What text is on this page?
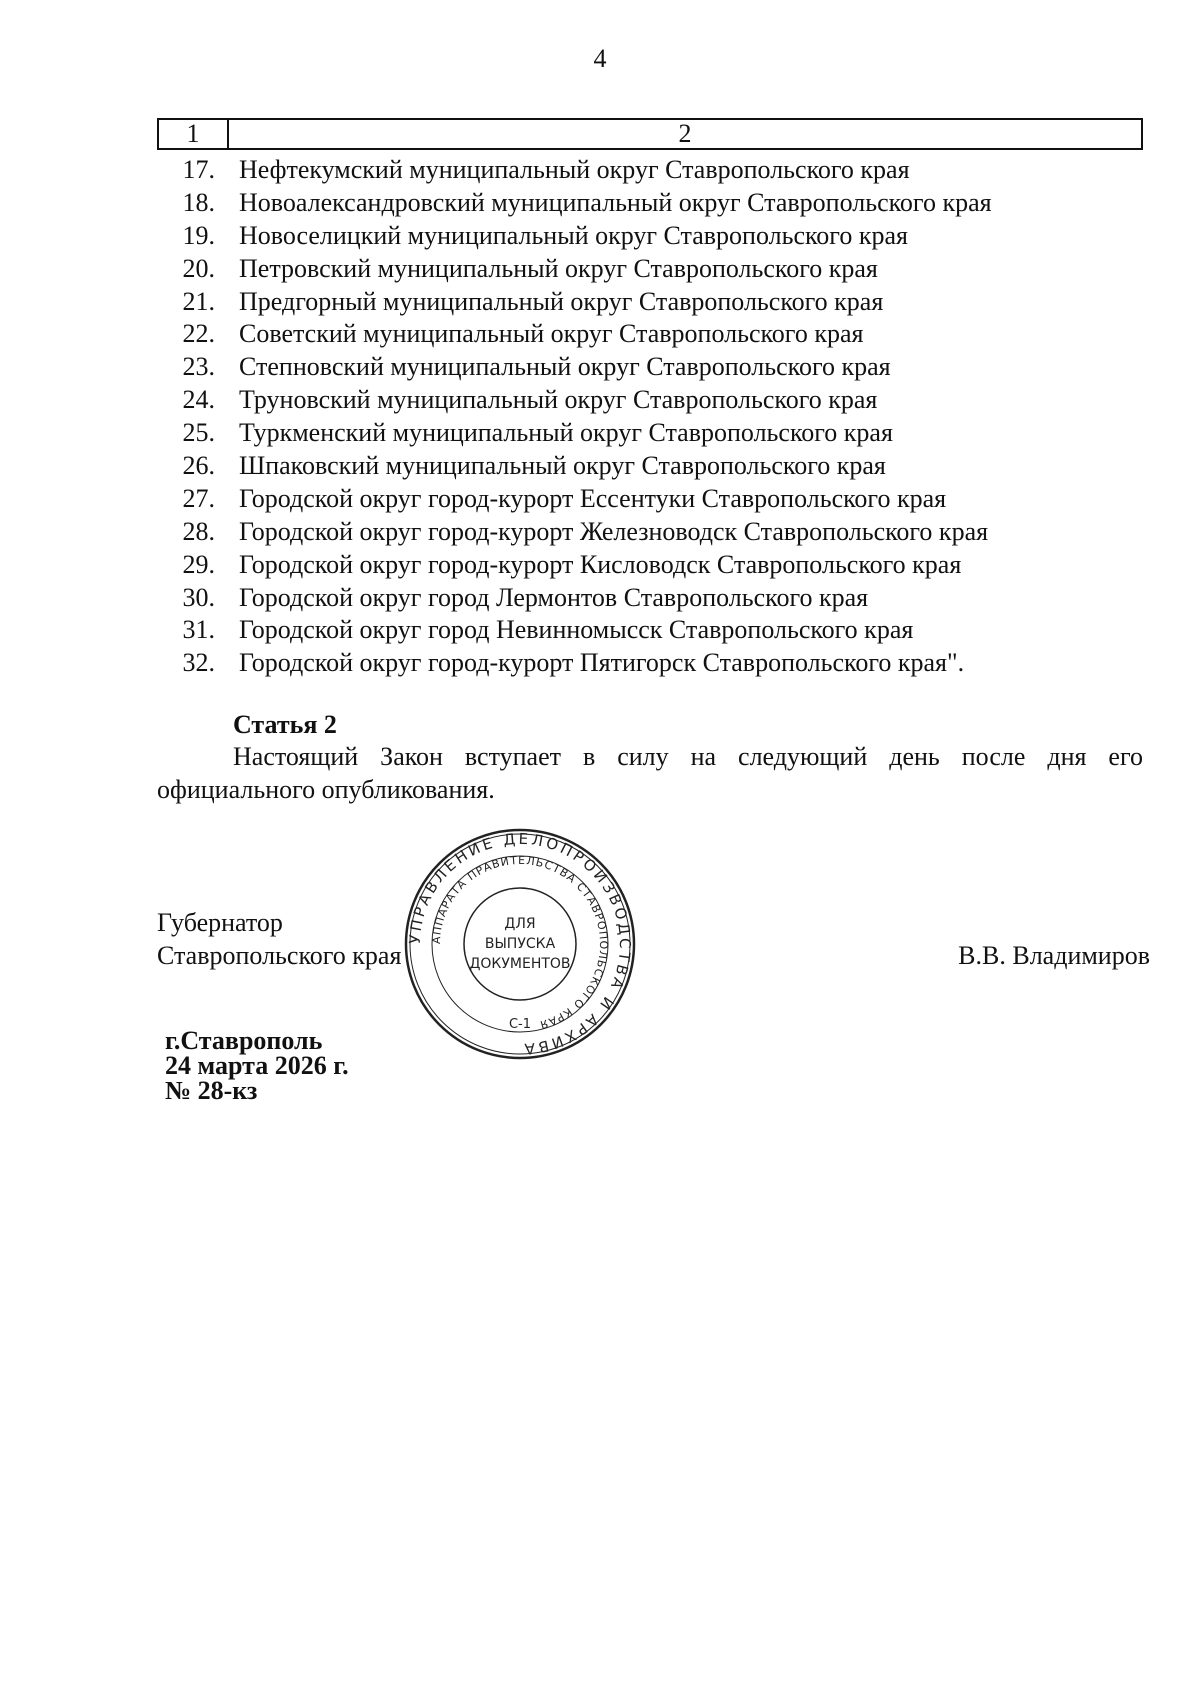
4
1	2
17. Нефтекумский муниципальный округ Ставропольского края
18. Новоалександровский муниципальный округ Ставропольского края
19. Новоселицкий муниципальный округ Ставропольского края
20. Петровский муниципальный округ Ставропольского края
21. Предгорный муниципальный округ Ставропольского края
22. Советский муниципальный округ Ставропольского края
23. Степновский муниципальный округ Ставропольского края
24. Труновский муниципальный округ Ставропольского края
25. Туркменский муниципальный округ Ставропольского края
26. Шпаковский муниципальный округ Ставропольского края
27. Городской округ город-курорт Ессентуки Ставропольского края
28. Городской округ город-курорт Железноводск Ставропольского края
29. Городской округ город-курорт Кисловодск Ставропольского края
30. Городской округ город Лермонтов Ставропольского края
31. Городской округ город Невинномысск Ставропольского края
32. Городской округ город-курорт Пятигорск Ставропольского края".
Статья 2
Настоящий Закон вступает в силу на следующий день после дня его официального опубликования.
УПРАВЛЕНИЕ ДЕЛОПРОИЗВОДСТВА И АРХИВА
АППАРАТА ПРАВИТЕЛЬСТВА СТАВРОПОЛЬСКОГО КРАЯ
ДЛЯ
ВЫПУСКА
ДОКУМЕНТОВ
С-1
Губернатор
Ставропольского края	В.В. Владимиров
г.Ставрополь
24 марта 2026 г.
№ 28-кз
